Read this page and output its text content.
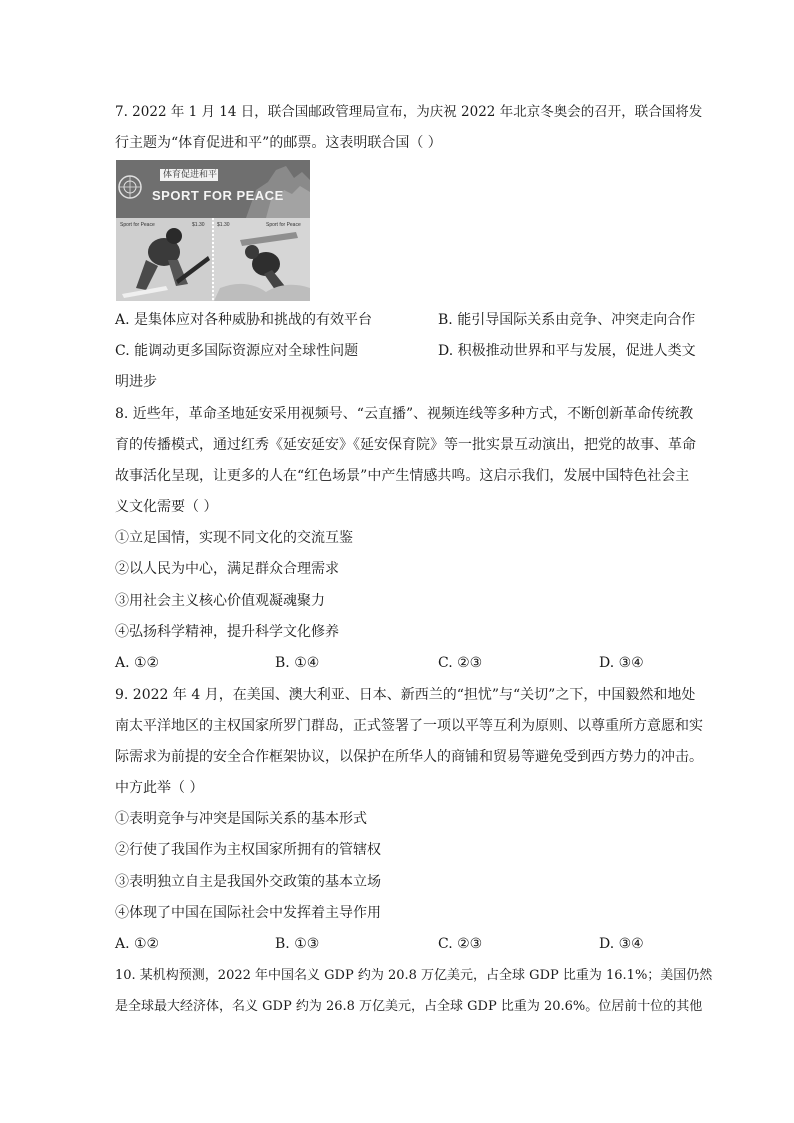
7. 2022 年 1 月 14 日，联合国邮政管理局宣布，为庆祝 2022 年北京冬奥会的召开，联合国将发
行主题为“体育促进和平”的邮票。这表明联合国（ ）
体育促进和平
SPORT FOR PEACE
Sport for Peace	$1.30 $1.30	Sport for Peace
A. 是集体应对各种威胁和挑战的有效平台	B. 能引导国际关系由竞争、冲突走向合作
C. 能调动更多国际资源应对全球性问题	D. 积极推动世界和平与发展，促进人类文
明进步
8. 近些年，革命圣地延安采用视频号、“云直播”、视频连线等多种方式，不断创新革命传统教
育的传播模式，通过红秀《延安延安》《延安保育院》等一批实景互动演出，把党的故事、革命
故事活化呈现，让更多的人在“红色场景”中产生情感共鸣。这启示我们，发展中国特色社会主
义文化需要（ ）
①立足国情，实现不同文化的交流互鉴
②以人民为中心，满足群众合理需求
③用社会主义核心价值观凝魂聚力
④弘扬科学精神，提升科学文化修养
A. ①②	B. ①④	C. ②③	D. ③④
9. 2022 年 4 月，在美国、澳大利亚、日本、新西兰的“担忧”与“关切”之下，中国毅然和地处
南太平洋地区的主权国家所罗门群岛，正式签署了一项以平等互利为原则、以尊重所方意愿和实
际需求为前提的安全合作框架协议，以保护在所华人的商铺和贸易等避免受到西方势力的冲击。
中方此举（ ）
①表明竞争与冲突是国际关系的基本形式
②行使了我国作为主权国家所拥有的管辖权
③表明独立自主是我国外交政策的基本立场
④体现了中国在国际社会中发挥着主导作用
A. ①②	B. ①③	C. ②③	D. ③④
10. 某机构预测，2022 年中国名义 GDP 约为 20.8 万亿美元，占全球 GDP 比重为 16.1%；美国仍然
是全球最大经济体，名义 GDP 约为 26.8 万亿美元，占全球 GDP 比重为 20.6%。位居前十位的其他
